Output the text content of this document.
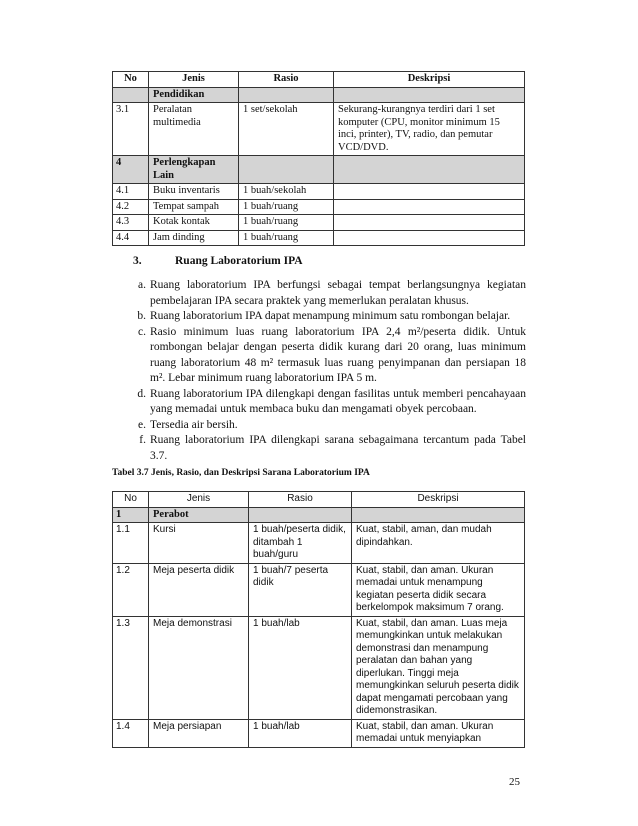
No	Jenis	Rasio	Deskripsi
	Pendidikan		
3.1	Peralatan multimedia	1 set/sekolah	Sekurang-kurangnya terdiri dari 1 set komputer (CPU, monitor minimum 15 inci, printer), TV, radio, dan pemutar VCD/DVD.
4	Perlengkapan Lain		
4.1	Buku inventaris	1 buah/sekolah	
4.2	Tempat sampah	1 buah/ruang	
4.3	Kotak kontak	1 buah/ruang	
4.4	Jam dinding	1 buah/ruang	
3.	Ruang Laboratorium IPA
a. Ruang laboratorium IPA berfungsi sebagai tempat berlangsungnya kegiatan pembelajaran IPA secara praktek yang memerlukan peralatan khusus.
b. Ruang laboratorium IPA dapat menampung minimum satu rombongan belajar.
c. Rasio minimum luas ruang laboratorium IPA 2,4 m²/peserta didik. Untuk rombongan belajar dengan peserta didik kurang dari 20 orang, luas minimum ruang laboratorium 48 m² termasuk luas ruang penyimpanan dan persiapan 18 m². Lebar minimum ruang laboratorium IPA 5 m.
d. Ruang laboratorium IPA dilengkapi dengan fasilitas untuk memberi pencahayaan yang memadai untuk membaca buku dan mengamati obyek percobaan.
e. Tersedia air bersih.
f. Ruang laboratorium IPA dilengkapi sarana sebagaimana tercantum pada Tabel 3.7.
Tabel 3.7 Jenis, Rasio, dan Deskripsi Sarana Laboratorium IPA
No	Jenis	Rasio	Deskripsi
1	Perabot		
1.1	Kursi	1 buah/peserta didik, ditambah 1 buah/guru	Kuat, stabil, aman, dan mudah dipindahkan.
1.2	Meja peserta didik	1 buah/7 peserta didik	Kuat, stabil, dan aman. Ukuran memadai untuk menampung kegiatan peserta didik secara berkelompok maksimum 7 orang.
1.3	Meja demonstrasi	1 buah/lab	Kuat, stabil, dan aman. Luas meja memungkinkan untuk melakukan demonstrasi dan menampung peralatan dan bahan yang diperlukan. Tinggi meja memungkinkan seluruh peserta didik dapat mengamati percobaan yang didemonstrasikan.
1.4	Meja persiapan	1 buah/lab	Kuat, stabil, dan aman. Ukuran memadai untuk menyiapkan
25
